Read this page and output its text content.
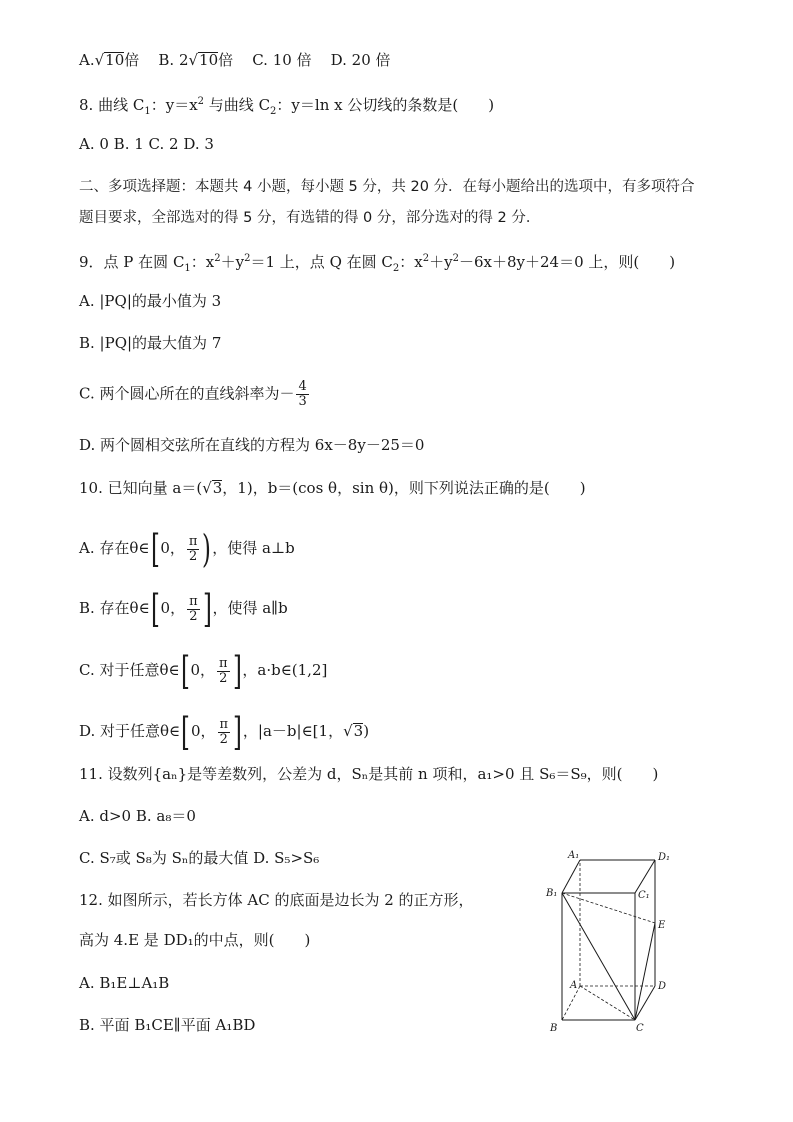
A.√10倍 B. 2√10倍 C. 10 倍 D. 20 倍
8. 曲线 $C_1$：$y=x^2$ 与曲线 $C_2$：y＝ln x 公切线的条数是(　　)
A. 0 B. 1 C. 2 D. 3
二、多项选择题：本题共 4 小题，每小题 5 分，共 20 分．在每小题给出的选项中，有多项符合
题目要求，全部选对的得 5 分，有选错的得 0 分，部分选对的得 2 分．
9．点 P 在圆 $C_1$：$x^2+y^2=1$ 上，点 Q 在圆 $C_2$：$x^2+y^2-6x+8y+24=0$ 上，则(　　)
A. |PQ|的最小值为 3
B. |PQ|的最大值为 7
C. 两个圆心所在的直线斜率为－ $\frac{4}{3}$
D. 两个圆相交弦所在直线的方程为 6x－8y－25＝0
10. 已知向量 a＝(√3，1)，b＝(cos θ，sin θ)，则下列说法正确的是(　　)
A. 存在θ∈[0， $\frac{\pi}{2}$ )，使得 a⊥b
B. 存在θ∈[0， $\frac{\pi}{2}$ ]，使得 a∥b
C. 对于任意θ∈[0， $\frac{\pi}{2}$ ]，a·b∈(1,2]
D. 对于任意θ∈[0， $\frac{\pi}{2}$ ]，|a－b|∈[1，√3)
11. 设数列{aₙ}是等差数列，公差为 d，Sₙ是其前 n 项和，a₁>0 且 S₆＝S₉，则(　　)
A. d>0 B. a₈＝0
C. S₇或 S₈为 Sₙ的最大值 D. S₅>S₆
12. 如图所示，若长方体 AC 的底面是边长为 2 的正方形，
高为 4.E 是 DD₁的中点，则(　　)
A. B₁E⊥A₁B
B. 平面 B₁CE∥平面 A₁BD
A₁	D₁
B₁	C₁
E
A	D
B	C
